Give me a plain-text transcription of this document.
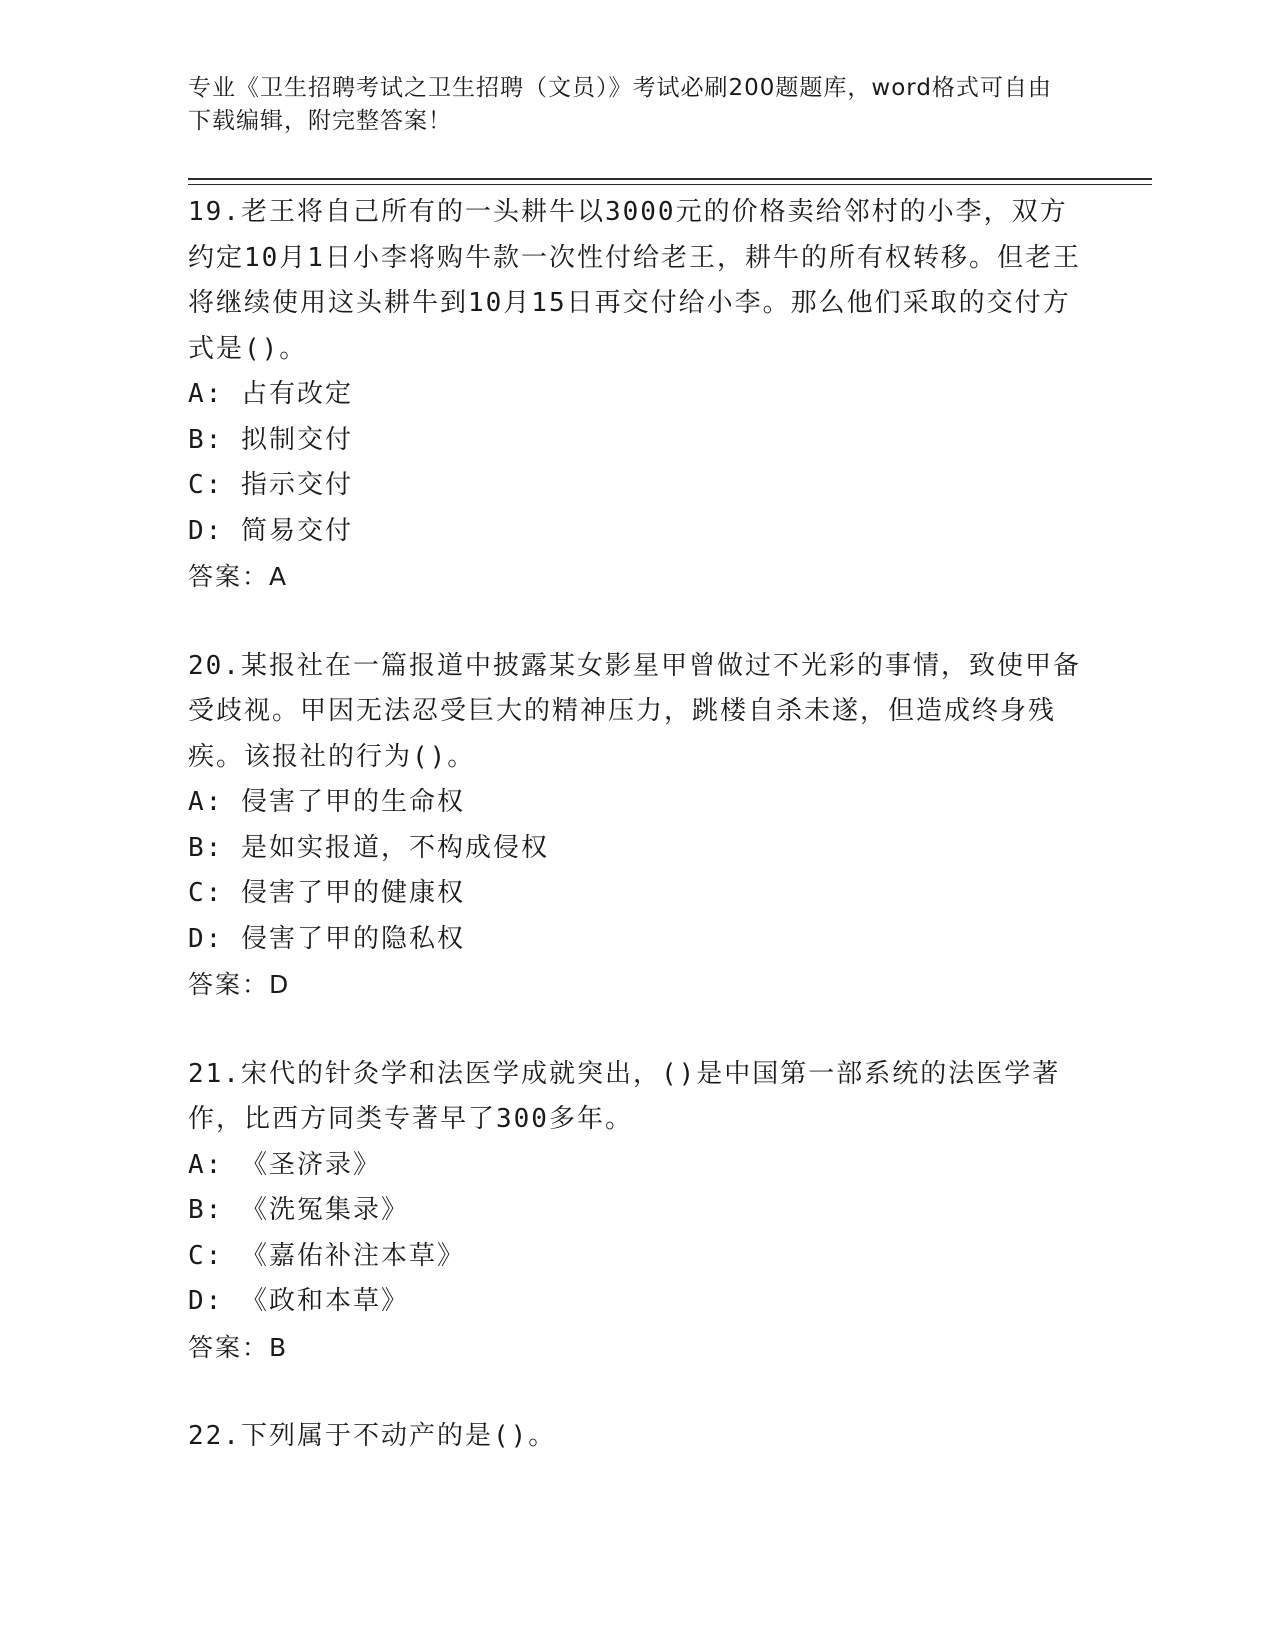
专业《卫生招聘考试之卫生招聘（文员）》考试必刷200题题库，word格式可自由下载编辑，附完整答案！
19.老王将自己所有的一头耕牛以3000元的价格卖给邻村的小李，双方约定10月1日小李将购牛款一次性付给老王，耕牛的所有权转移。但老王将继续使用这头耕牛到10月15日再交付给小李。那么他们采取的交付方式是()。
A: 占有改定
B: 拟制交付
C: 指示交付
D: 简易交付
答案：A
20.某报社在一篇报道中披露某女影星甲曾做过不光彩的事情，致使甲备受歧视。甲因无法忍受巨大的精神压力，跳楼自杀未遂，但造成终身残疾。该报社的行为()。
A: 侵害了甲的生命权
B: 是如实报道，不构成侵权
C: 侵害了甲的健康权
D: 侵害了甲的隐私权
答案：D
21.宋代的针灸学和法医学成就突出，()是中国第一部系统的法医学著作，比西方同类专著早了300多年。
A: 《圣济录》
B: 《洗冤集录》
C: 《嘉佑补注本草》
D: 《政和本草》
答案：B
22.下列属于不动产的是()。
